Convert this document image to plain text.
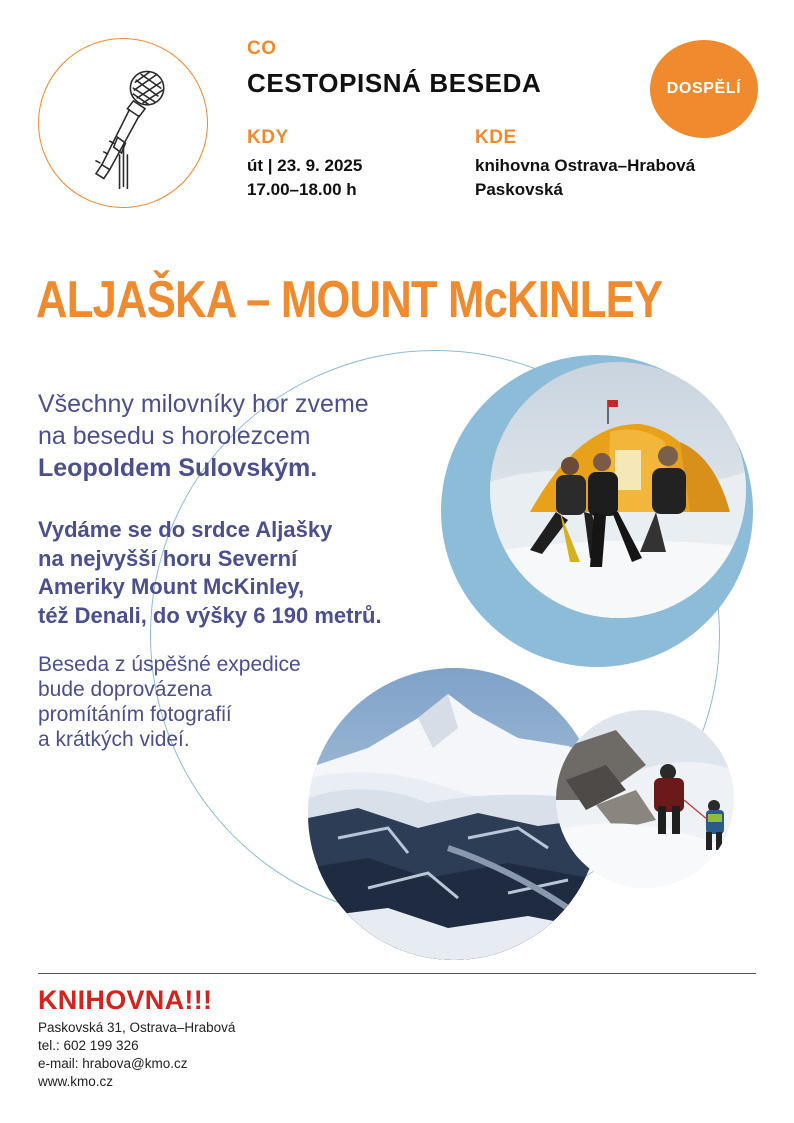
CO
CESTOPISNÁ BESEDA
KDY
út | 23. 9. 2025
17.00–18.00 h
KDE
knihovna Ostrava–Hrabová
Paskovská
DOSPĚLÍ
ALJAŠKA – MOUNT McKINLEY
Všechny milovníky hor zveme
na besedu s horolezcem
Leopoldem Sulovským.
Vydáme se do srdce Aljašky
na nejvyšší horu Severní
Ameriky Mount McKinley,
též Denali, do výšky 6 190 metrů.
Beseda z úspěšné expedice
bude doprovázena
promítáním fotografií
a krátkých videí.
KNIHOVNA!!!
Paskovská 31, Ostrava–Hrabová
tel.: 602 199 326
e-mail: hrabova@kmo.cz
www.kmo.cz
